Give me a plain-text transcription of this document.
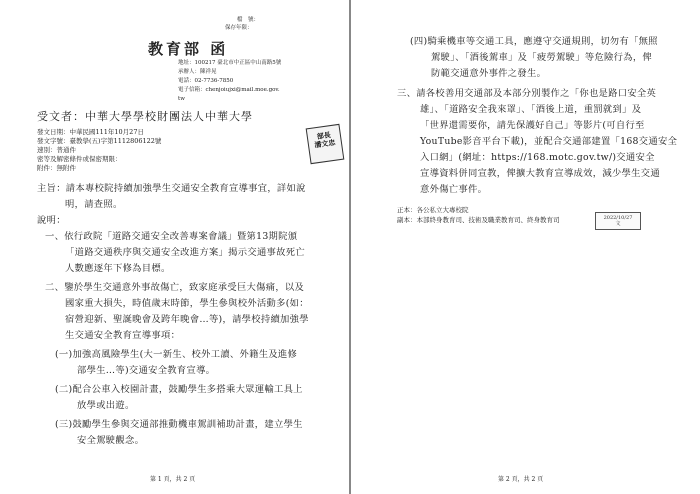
檔　號：
保存年限：
教育部 函
地址：100217 臺北市中正區中山南路5號
承辦人：陳祥晃
電話：02-7736-7850
電子信箱：chenjoiujxi@mail.moe.gov.
tw
受文者：中華大學學校財團法人中華大學
發文日期：中華民國111年10月27日
發文字號：臺教學(五)字第1112806122號
速別：普通件
密等及解密條件或保密期限：
附件：無附件
部長
潘文忠
主旨：請本專校院持續加強學生交通安全教育宣導事宜，詳如說
明，請查照。
說明：
一、依行政院「道路交通安全改善專案會議」暨第13期院頒
「道路交通秩序與交通安全改進方案」揭示交通事故死亡
人數應逐年下修為目標。
二、鑒於學生交通意外事故傷亡，致家庭承受巨大傷痛，以及
國家重大損失，時值歲末時節，學生參與校外活動多(如：
宿營迎新、聖誕晚會及跨年晚會…等)，請學校持續加強學
生交通安全教育宣導事項：
(一)加強高風險學生(大一新生、校外工讀、外籍生及進修
部學生…等)交通安全教育宣導。
(二)配合公車入校園計畫，鼓勵學生多搭乘大眾運輸工具上
放學或出遊。
(三)鼓勵學生參與交通部推動機車駕訓補助計畫，建立學生
安全駕駛觀念。
第 1 頁，共 2 頁
(四)騎乘機車等交通工具，應遵守交通規則，切勿有「無照
駕駛」、「酒後駕車」及「疲勞駕駛」等危險行為，俾
防範交通意外事件之發生。
三、請各校善用交通部及本部分別製作之「你也是路口安全英
雄」、「道路安全我來罩」、「酒後上道，重罰就到」及
「世界還需要你，請先保護好自己」等影片(可自行至
YouTube影音平台下載)，並配合交通部建置「168交通安全
入口網」(網址：https://168.motc.gov.tw/)交通安全
宣導資料併同宣教，俾擴大教育宣導成效，減少學生交通
意外傷亡事件。
正本：各公私立大專校院
副本：本部終身教育司、技術及職業教育司、終身教育司	2022/10/27
文
第 2 頁，共 2 頁
